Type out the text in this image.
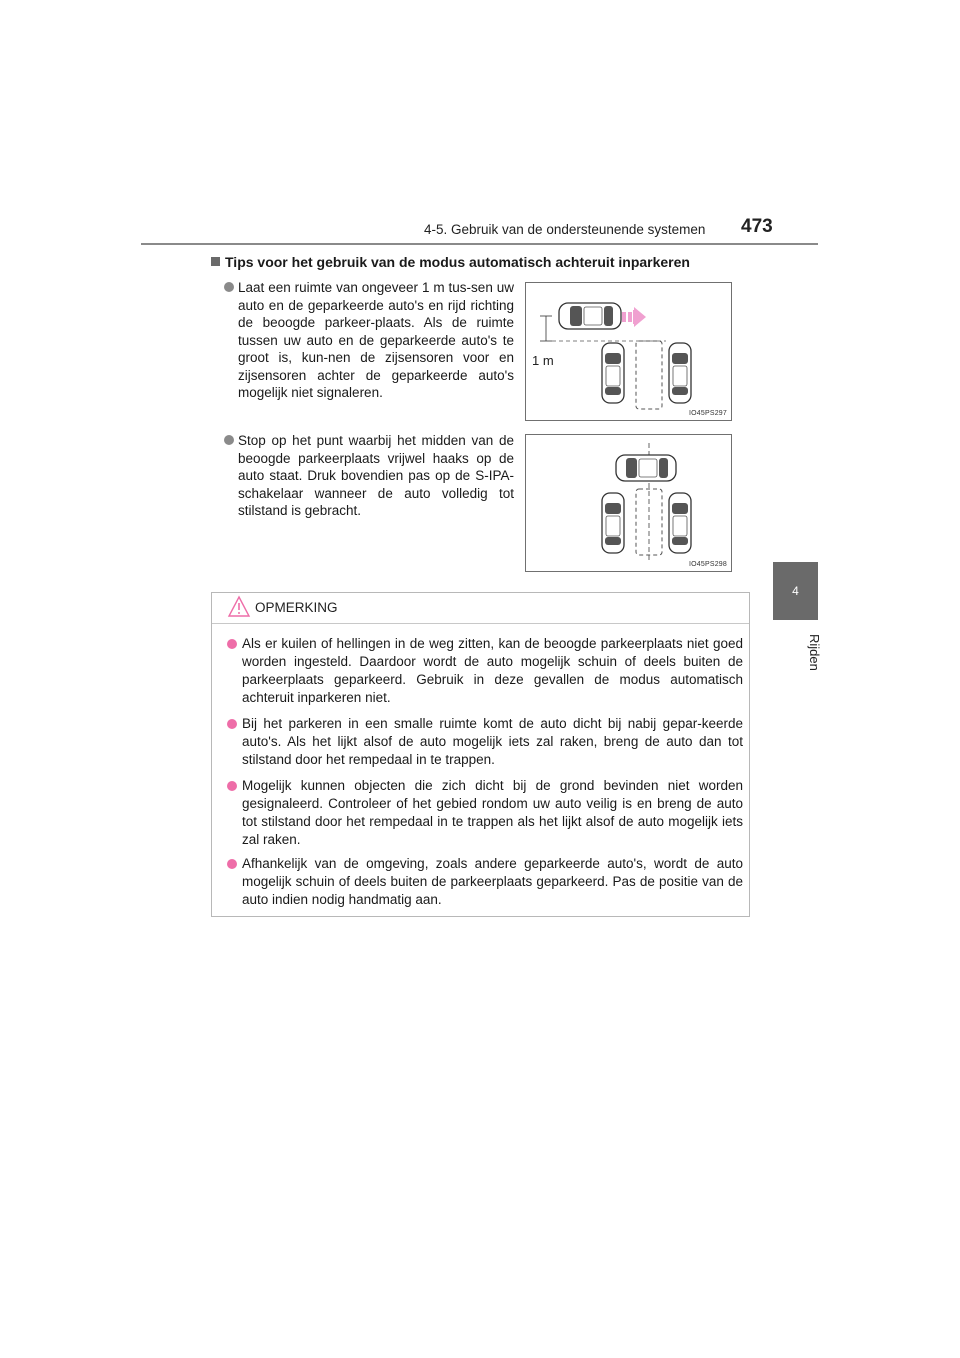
4-5. Gebruik van de ondersteunende systemen 473
4
Rijden
Tips voor het gebruik van de modus automatisch achteruit inparkeren
Laat een ruimte van ongeveer 1 m tus-sen uw auto en de geparkeerde auto's en rijd richting de beoogde parkeer-plaats. Als de ruimte tussen uw auto en de geparkeerde auto's te groot is, kun-nen de zijsensoren voor en zijsensoren achter de geparkeerde auto's mogelijk niet signaleren.
Stop op het punt waarbij het midden van de beoogde parkeerplaats vrijwel haaks op de auto staat. Druk bovendien pas op de S-IPA-schakelaar wanneer de auto volledig tot stilstand is gebracht.
1 m
IO45PS297
IO45PS298
OPMERKING
Als er kuilen of hellingen in de weg zitten, kan de beoogde parkeerplaats niet goed worden ingesteld. Daardoor wordt de auto mogelijk schuin of deels buiten de parkeerplaats geparkeerd. Gebruik in deze gevallen de modus automatisch achteruit inparkeren niet.
Bij het parkeren in een smalle ruimte komt de auto dicht bij nabij gepar-keerde auto's. Als het lijkt alsof de auto mogelijk iets zal raken, breng de auto dan tot stilstand door het rempedaal in te trappen.
Mogelijk kunnen objecten die zich dicht bij de grond bevinden niet worden gesignaleerd. Controleer of het gebied rondom uw auto veilig is en breng de auto tot stilstand door het rempedaal in te trappen als het lijkt alsof de auto mogelijk iets zal raken.
Afhankelijk van de omgeving, zoals andere geparkeerde auto's, wordt de auto mogelijk schuin of deels buiten de parkeerplaats geparkeerd. Pas de positie van de auto indien nodig handmatig aan.
